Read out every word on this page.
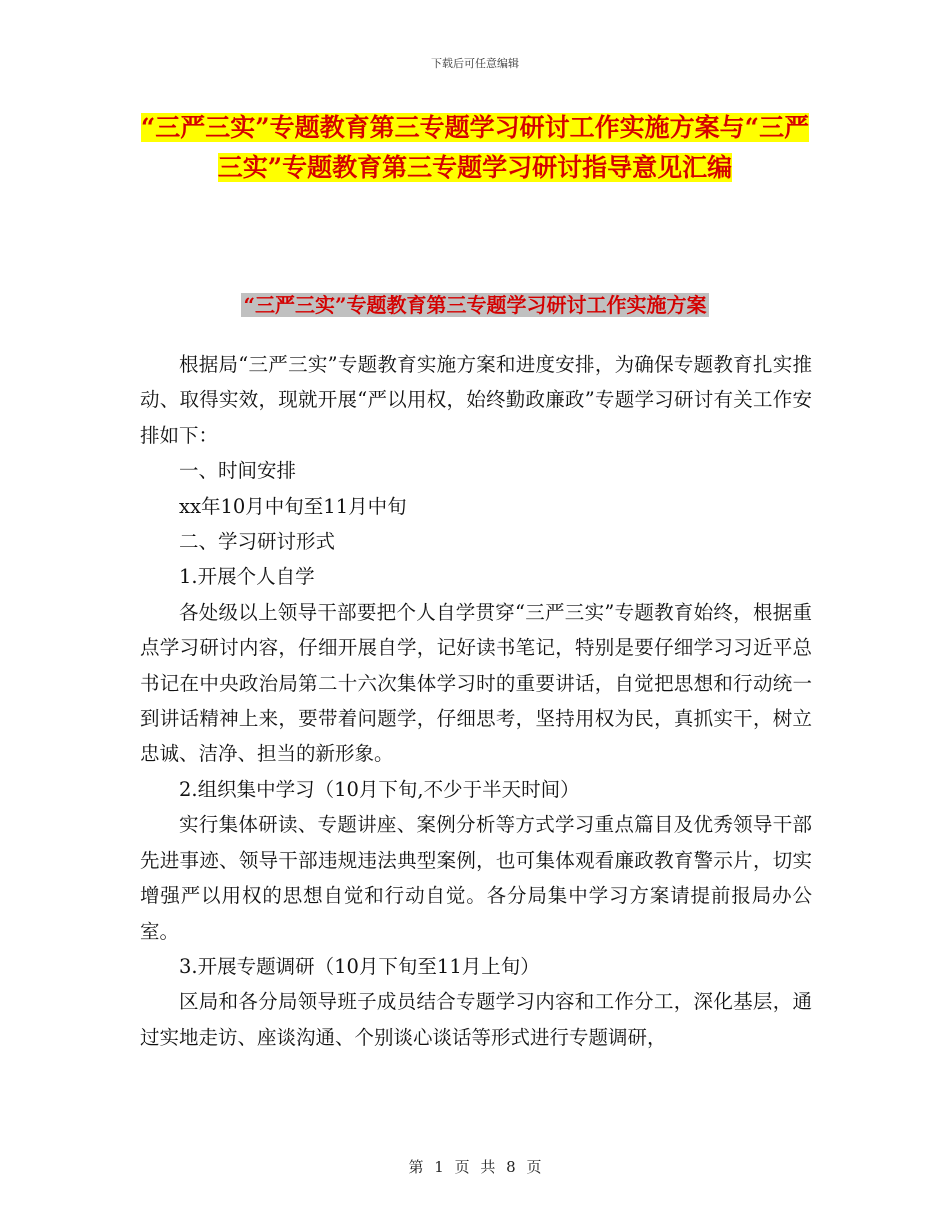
下载后可任意编辑
“三严三实”专题教育第三专题学习研讨工作实施方案与“三严三实”专题教育第三专题学习研讨指导意见汇编
“三严三实”专题教育第三专题学习研讨工作实施方案

根据局“三严三实”专题教育实施方案和进度安排，为确保专题教育扎实推动、取得实效，现就开展“严以用权，始终勤政廉政”专题学习研讨有关工作安排如下：

一、时间安排

xx年10月中旬至11月中旬

二、学习研讨形式

1.开展个人自学

各处级以上领导干部要把个人自学贯穿“三严三实”专题教育始终，根据重点学习研讨内容，仔细开展自学，记好读书笔记，特别是要仔细学习习近平总书记在中央政治局第二十六次集体学习时的重要讲话，自觉把思想和行动统一到讲话精神上来，要带着问题学，仔细思考，坚持用权为民，真抓实干，树立忠诚、洁净、担当的新形象。

2.组织集中学习（10月下旬,不少于半天时间）

实行集体研读、专题讲座、案例分析等方式学习重点篇目及优秀领导干部先进事迹、领导干部违规违法典型案例，也可集体观看廉政教育警示片，切实增强严以用权的思想自觉和行动自觉。各分局集中学习方案请提前报局办公室。

3.开展专题调研（10月下旬至11月上旬）

区局和各分局领导班子成员结合专题学习内容和工作分工，深化基层，通过实地走访、座谈沟通、个别谈心谈话等形式进行专题调研，

第 1 页 共 8 页
